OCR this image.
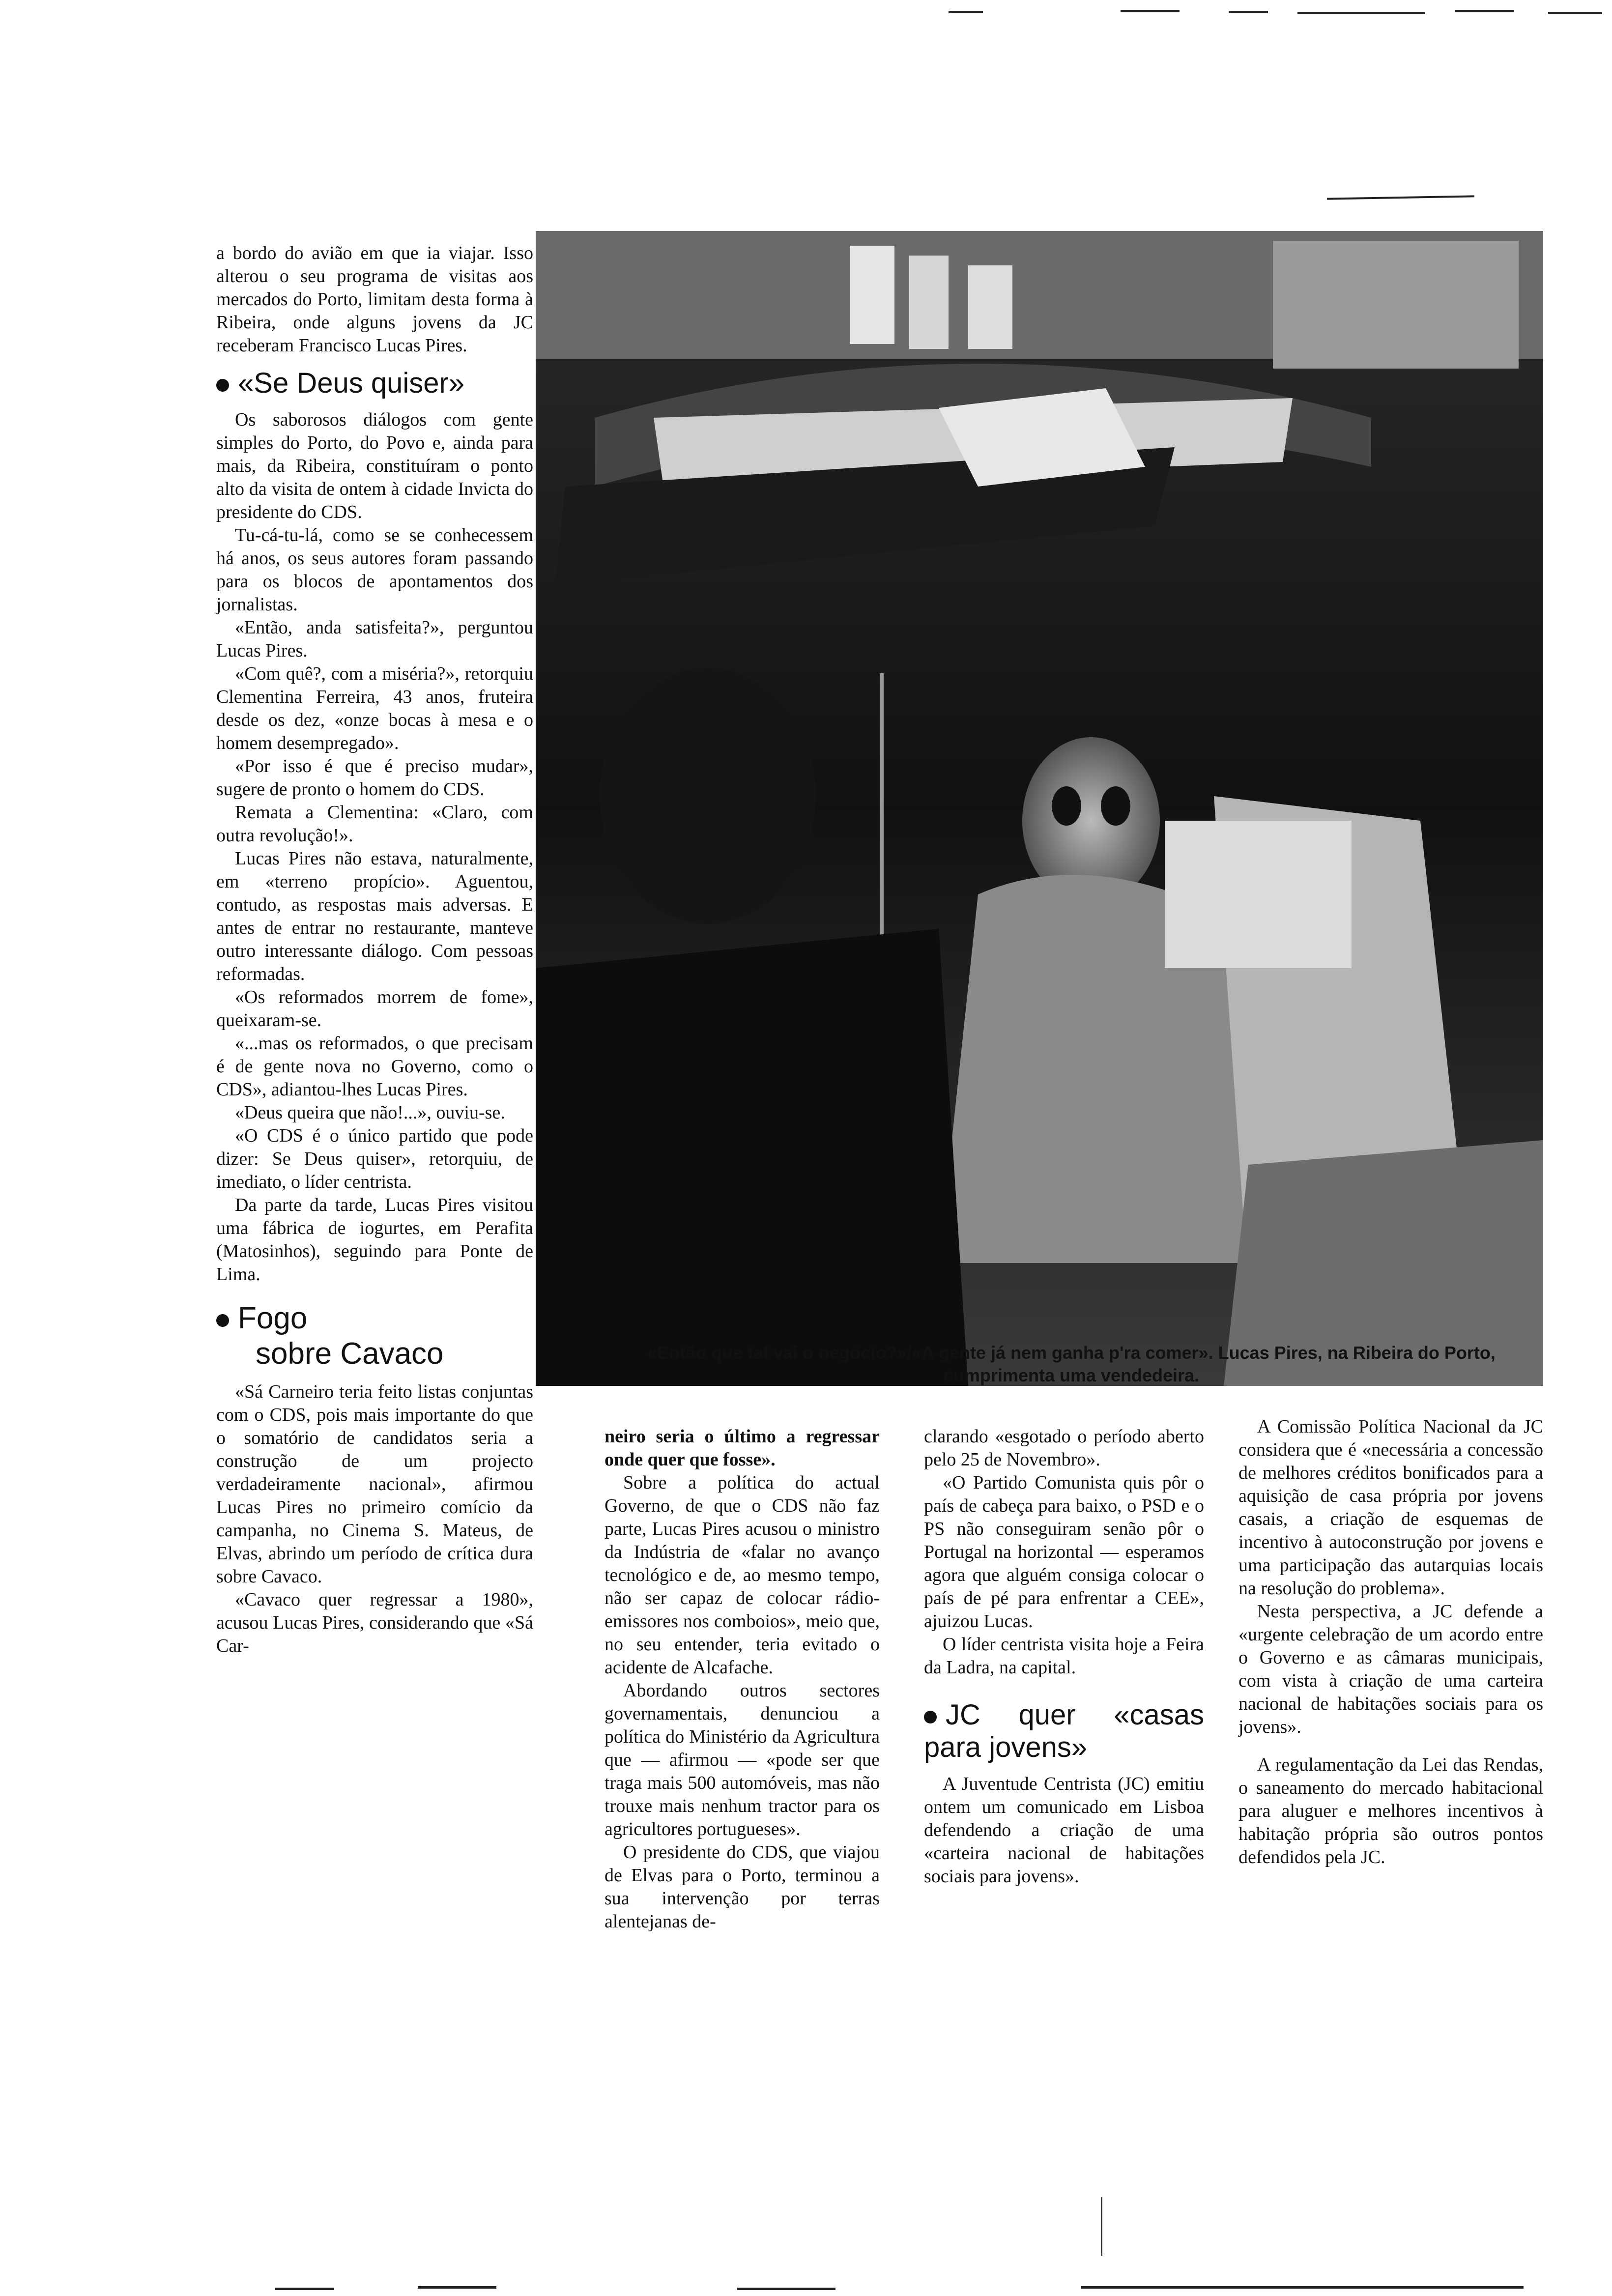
a bordo do avião em que ia viajar. Isso alterou o seu programa de visitas aos mercados do Porto, limitam desta forma à Ribeira, onde alguns jovens da JC receberam Francisco Lucas Pires.

«Se Deus quiser»

Os saborosos diálogos com gente simples do Porto, do Povo e, ainda para mais, da Ribeira, constituíram o ponto alto da visita de ontem à cidade Invicta do presidente do CDS.

Tu-cá-tu-lá, como se se conhecessem há anos, os seus autores foram passando para os blocos de apontamentos dos jornalistas.

«Então, anda satisfeita?», perguntou Lucas Pires.

«Com quê?, com a miséria?», retorquiu Clementina Ferreira, 43 anos, fruteira desde os dez, «onze bocas à mesa e o homem desempregado».

«Por isso é que é preciso mudar», sugere de pronto o homem do CDS.

Remata a Clementina: «Claro, com outra revolução!».

Lucas Pires não estava, naturalmente, em «terreno propício». Aguentou, contudo, as respostas mais adversas. E antes de entrar no restaurante, manteve outro interessante diálogo. Com pessoas reformadas.

«Os reformados morrem de fome», queixaram-se.

«...mas os reformados, o que precisam é de gente nova no Governo, como o CDS», adiantou-lhes Lucas Pires.

«Deus queira que não!...», ouviu-se.

«O CDS é o único partido que pode dizer: Se Deus quiser», retorquiu, de imediato, o líder centrista.

Da parte da tarde, Lucas Pires visitou uma fábrica de iogurtes, em Perafita (Matosinhos), seguindo para Ponte de Lima.

Fogo
sobre Cavaco

«Sá Carneiro teria feito listas conjuntas com o CDS, pois mais importante do que o somatório de candidatos seria a construção de um projecto verdadeiramente nacional», afirmou Lucas Pires no primeiro comício da campanha, no Cinema S. Mateus, de Elvas, abrindo um período de crítica dura sobre Cavaco.

«Cavaco quer regressar a 1980», acusou Lucas Pires, considerando que «Sá Car-

«Então que tal vai o negócio?»/«A gente já nem ganha p'ra comer». Lucas Pires, na Ribeira do Porto, cumprimenta uma vendedeira.

neiro seria o último a regressar onde quer que fosse».

Sobre a política do actual Governo, de que o CDS não faz parte, Lucas Pires acusou o ministro da Indústria de «falar no avanço tecnológico e de, ao mesmo tempo, não ser capaz de colocar rádio-emissores nos comboios», meio que, no seu entender, teria evitado o acidente de Alcafache.

Abordando outros sectores governamentais, denunciou a política do Ministério da Agricultura que — afirmou — «pode ser que traga mais 500 automóveis, mas não trouxe mais nenhum tractor para os agricultores portugueses».

O presidente do CDS, que viajou de Elvas para o Porto, terminou a sua intervenção por terras alentejanas de-

clarando «esgotado o período aberto pelo 25 de Novembro».

«O Partido Comunista quis pôr o país de cabeça para baixo, o PSD e o PS não conseguiram senão pôr o Portugal na horizontal — esperamos agora que alguém consiga colocar o país de pé para enfrentar a CEE», ajuizou Lucas.

O líder centrista visita hoje a Feira da Ladra, na capital.

JC quer «casas para jovens»

A Juventude Centrista (JC) emitiu ontem um comunicado em Lisboa defendendo a criação de uma «carteira nacional de habitações sociais para jovens».

A Comissão Política Nacional da JC considera que é «necessária a concessão de melhores créditos bonificados para a aquisição de casa própria por jovens casais, a criação de esquemas de incentivo à autoconstrução por jovens e uma participação das autarquias locais na resolução do problema».

Nesta perspectiva, a JC defende a «urgente celebração de um acordo entre o Governo e as câmaras municipais, com vista à criação de uma carteira nacional de habitações sociais para os jovens».

A regulamentação da Lei das Rendas, o saneamento do mercado habitacional para aluguer e melhores incentivos à habitação própria são outros pontos defendidos pela JC.
